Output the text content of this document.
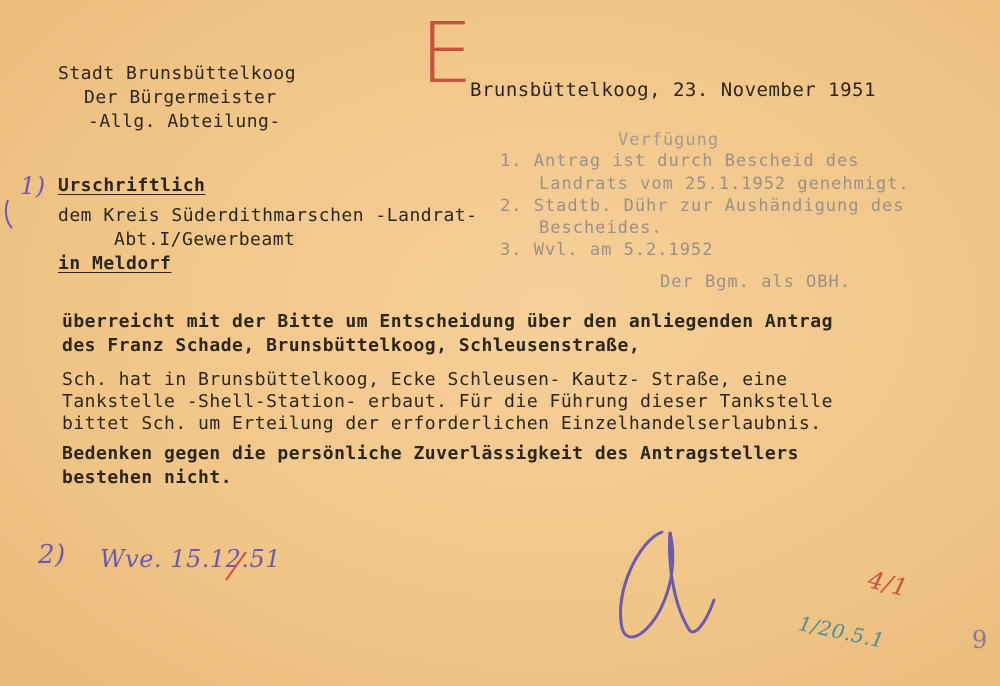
Stadt Brunsbüttelkoog
Der Bürgermeister
-Allg. Abteilung-
Brunsbüttelkoog, 23. November 1951
Verfügung
1. Antrag ist durch Bescheid des
Landrats vom 25.1.1952 genehmigt.
2. Stadtb. Dühr zur Aushändigung des
Bescheides.
3. Wvl. am 5.2.1952
Der Bgm. als OBH.
1) Urschriftlich
dem Kreis Süderdithmarschen -Landrat-
Abt.I/Gewerbeamt
in Meldorf
überreicht mit der Bitte um Entscheidung über den anliegenden Antrag
des Franz Schade, Brunsbüttelkoog, Schleusenstraße,
Sch. hat in Brunsbüttelkoog, Ecke Schleusen- Kautz- Straße, eine
Tankstelle -Shell-Station- erbaut. Für die Führung dieser Tankstelle
bittet Sch. um Erteilung der erforderlichen Einzelhandelserlaubnis.
Bedenken gegen die persönliche Zuverlässigkeit des Antragstellers
bestehen nicht.
E
2) Wve. 15.12.51
1/20.5.1
4/1
9
